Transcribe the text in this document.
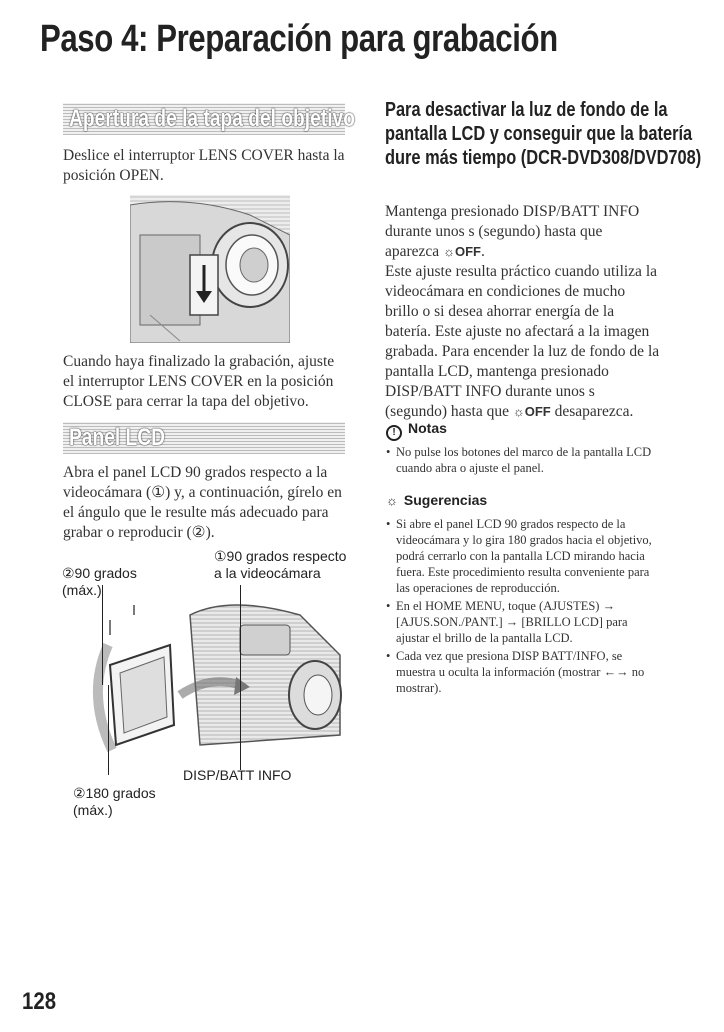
Paso 4: Preparación para grabación
Apertura de la tapa del objetivo

Deslice el interruptor LENS COVER hasta la posición OPEN.

Cuando haya finalizado la grabación, ajuste el interruptor LENS COVER en la posición CLOSE para cerrar la tapa del objetivo.

Panel LCD

Abra el panel LCD 90 grados respecto a la videocámara (①) y, a continuación, gírelo en el ángulo que le resulte más adecuado para grabar o reproducir (②).

①90 grados respecto
a la videocámara

②90 grados
(máx.)

DISP/BATT INFO

②180 grados
(máx.)

Para desactivar la luz de fondo de la pantalla LCD y conseguir que la batería dure más tiempo (DCR-DVD308/DVD708)

Mantenga presionado DISP/BATT INFO durante unos s (segundo) hasta que aparezca ☼OFF.
Este ajuste resulta práctico cuando utiliza la videocámara en condiciones de mucho brillo o si desea ahorrar energía de la batería. Este ajuste no afectará a la imagen grabada. Para encender la luz de fondo de la pantalla LCD, mantenga presionado DISP/BATT INFO durante unos s (segundo) hasta que ☼OFF desaparezca.

! Notas

• No pulse los botones del marco de la pantalla LCD cuando abra o ajuste el panel.

☼ Sugerencias

• Si abre el panel LCD 90 grados respecto de la videocámara y lo gira 180 grados hacia el objetivo, podrá cerrarlo con la pantalla LCD mirando hacia fuera. Este procedimiento resulta conveniente para las operaciones de reproducción.
• En el HOME MENU, toque (AJUSTES) → [AJUS.SON./PANT.] → [BRILLO LCD] para ajustar el brillo de la pantalla LCD.
• Cada vez que presiona DISP BATT/INFO, se muestra u oculta la información (mostrar ←→ no mostrar).

128
